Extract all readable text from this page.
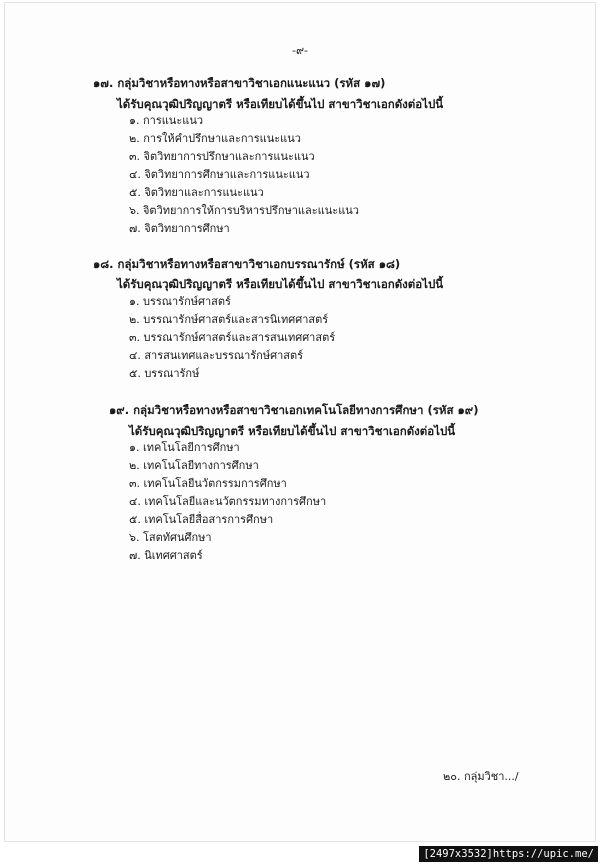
-๙-
๑๗. กลุ่มวิชาหรือทางหรือสาขาวิชาเอกแนะแนว (รหัส ๑๗)
ได้รับคุณวุฒิปริญญาตรี หรือเทียบได้ขึ้นไป สาขาวิชาเอกดังต่อไปนี้
๑. การแนะแนว
๒. การให้คำปรึกษาและการแนะแนว
๓. จิตวิทยาการปรึกษาและการแนะแนว
๔. จิตวิทยาการศึกษาและการแนะแนว
๕. จิตวิทยาและการแนะแนว
๖. จิตวิทยาการให้การบริหารปรึกษาและแนะแนว
๗. จิตวิทยาการศึกษา
๑๘. กลุ่มวิชาหรือทางหรือสาขาวิชาเอกบรรณารักษ์ (รหัส ๑๘)
ได้รับคุณวุฒิปริญญาตรี หรือเทียบได้ขึ้นไป สาขาวิชาเอกดังต่อไปนี้
๑. บรรณารักษ์ศาสตร์
๒. บรรณารักษ์ศาสตร์และสารนิเทศศาสตร์
๓. บรรณารักษ์ศาสตร์และสารสนเทศศาสตร์
๔. สารสนเทศและบรรณารักษ์ศาสตร์
๕. บรรณารักษ์
๑๙. กลุ่มวิชาหรือทางหรือสาขาวิชาเอกเทคโนโลยีทางการศึกษา (รหัส ๑๙)
ได้รับคุณวุฒิปริญญาตรี หรือเทียบได้ขึ้นไป สาขาวิชาเอกดังต่อไปนี้
๑. เทคโนโลยีการศึกษา
๒. เทคโนโลยีทางการศึกษา
๓. เทคโนโลยีนวัตกรรมการศึกษา
๔. เทคโนโลยีและนวัตกรรมทางการศึกษา
๕. เทคโนโลยีสื่อสารการศึกษา
๖. โสตทัศนศึกษา
๗. นิเทศศาสตร์
๒๐. กลุ่มวิชา.../
[2497x3532]https://upic.me/
